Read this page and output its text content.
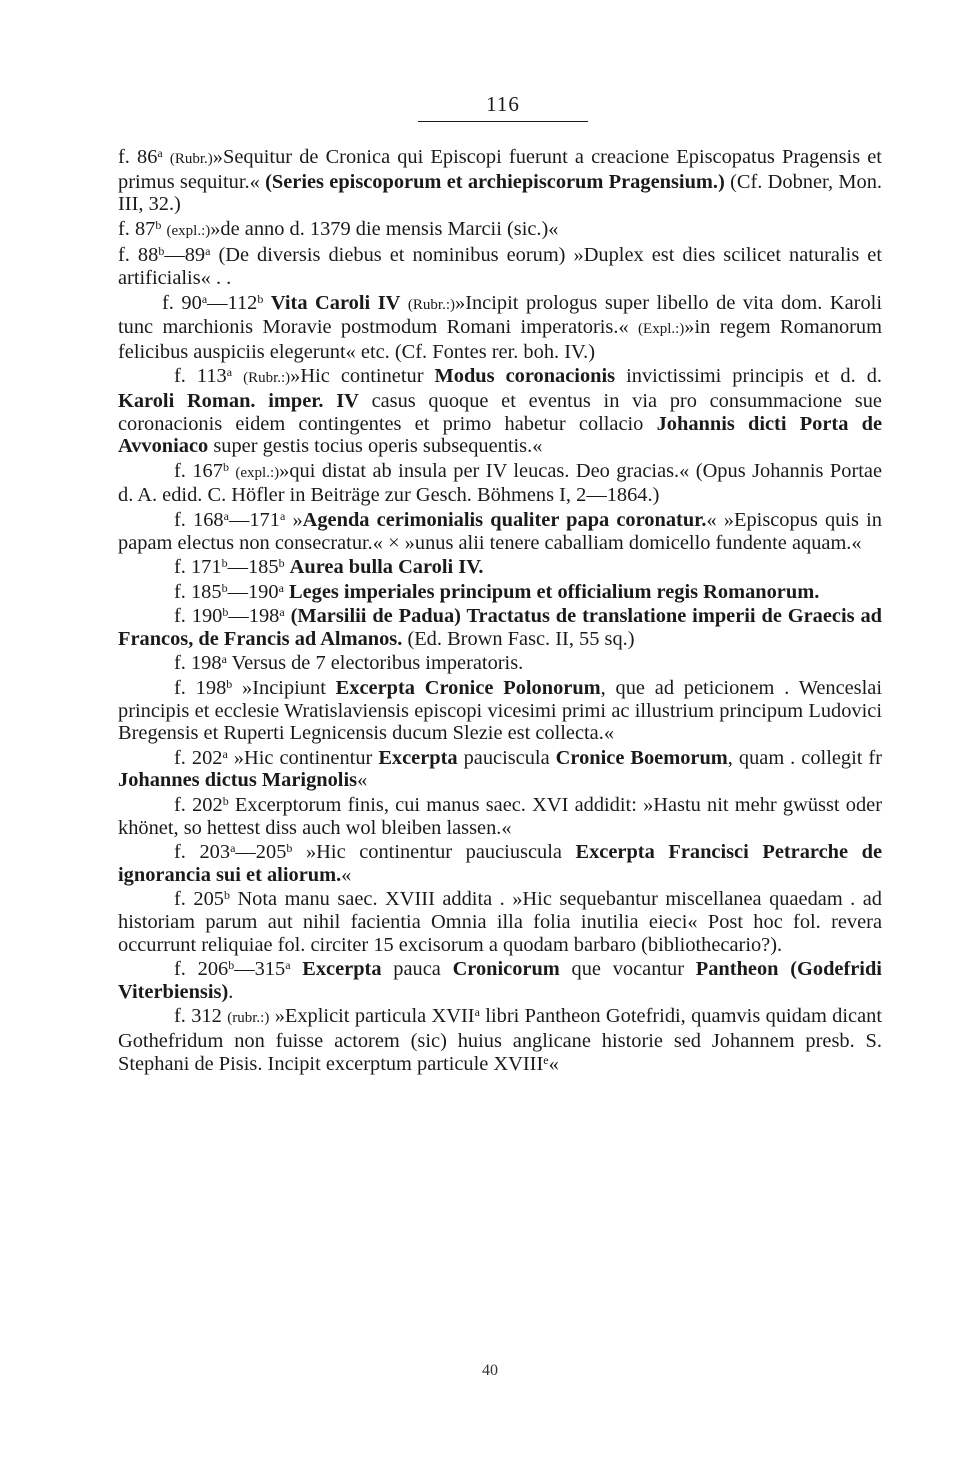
116

f. 86$^a$ (Rubr.)»Sequitur de Cronica qui Episcopi fuerunt a creacione Episcopatus Pragensis et primus sequitur.« (Series episcoporum et archiepiscorum Pragensium.) (Cf. Dobner, Mon. III, 32.)

f. 87$^b$ (expl.:)»de anno d. 1379 die mensis Marcii (sic.)«

f. 88$^b$—89$^a$ (De diversis diebus et nominibus eorum) »Duplex est dies scilicet naturalis et artificialis« . .

f. 90$^a$—112$^b$ Vita Caroli IV (Rubr.:)»Incipit prologus super libello de vita dom. Karoli tunc marchionis Moravie postmodum Romani imperatoris.« (Expl.:)»in regem Romanorum felicibus auspiciis elegerunt« etc. (Cf. Fontes rer. boh. IV.)

f. 113$^a$ (Rubr.:)»Hic continetur Modus coronacionis invictissimi principis et d. d. Karoli Roman. imper. IV casus quoque et eventus in via pro consummacione sue coronacionis eidem contingentes et primo habetur collacio Johannis dicti Porta de Avvoniaco super gestis tocius operis subsequentis.«

f. 167$^b$ (expl.:)»qui distat ab insula per IV leucas. Deo gracias.« (Opus Johannis Portae d. A. edid. C. Höfler in Beiträge zur Gesch. Böhmens I, 2—1864.)

f. 168$^a$—171$^a$ »Agenda cerimonialis qualiter papa coronatur.« »Episcopus quis in papam electus non consecratur.« × »unus alii tenere caballiam domicello fundente aquam.«

f. 171$^b$—185$^b$ Aurea bulla Caroli IV.

f. 185$^b$—190$^a$ Leges imperiales principum et officialium regis Romanorum.

f. 190$^b$—198$^a$ (Marsilii de Padua) Tractatus de translatione imperii de Graecis ad Francos, de Francis ad Almanos. (Ed. Brown Fasc. II, 55 sq.)

f. 198$^a$ Versus de 7 electoribus imperatoris.

f. 198$^b$ »Incipiunt Excerpta Cronice Polonorum, que ad peticionem . Wenceslai principis et ecclesie Wratislaviensis episcopi vicesimi primi ac illustrium principum Ludovici Bregensis et Ruperti Legnicensis ducum Slezie est collecta.«

f. 202$^a$ »Hic continentur Excerpta pauciscula Cronice Boemorum, quam . collegit fr Johannes dictus Marignolis«

f. 202$^b$ Excerptorum finis, cui manus saec. XVI addidit: »Hastu nit mehr gwüsst oder khönet, so hettest diss auch wol bleiben lassen.«

f. 203$^a$—205$^b$ »Hic continentur pauciuscula Excerpta Francisci Petrarche de ignorancia sui et aliorum.«

f. 205$^b$ Nota manu saec. XVIII addita . »Hic sequebantur miscellanea quaedam . ad historiam parum aut nihil facientia Omnia illa folia inutilia eieci« Post hoc fol. revera occurrunt reliquiae fol. circiter 15 excisorum a quodam barbaro (bibliothecario?).

f. 206$^b$—315$^a$ Excerpta pauca Cronicorum que vocantur Pantheon (Godefridi Viterbiensis).

f. 312 (rubr.:) »Explicit particula XVII$^a$ libri Pantheon Gotefridi, quamvis quidam dicant Gothefridum non fuisse actorem (sic) huius anglicane historie sed Johannem presb. S. Stephani de Pisis. Incipit excerptum particule XVIIIe«

40
